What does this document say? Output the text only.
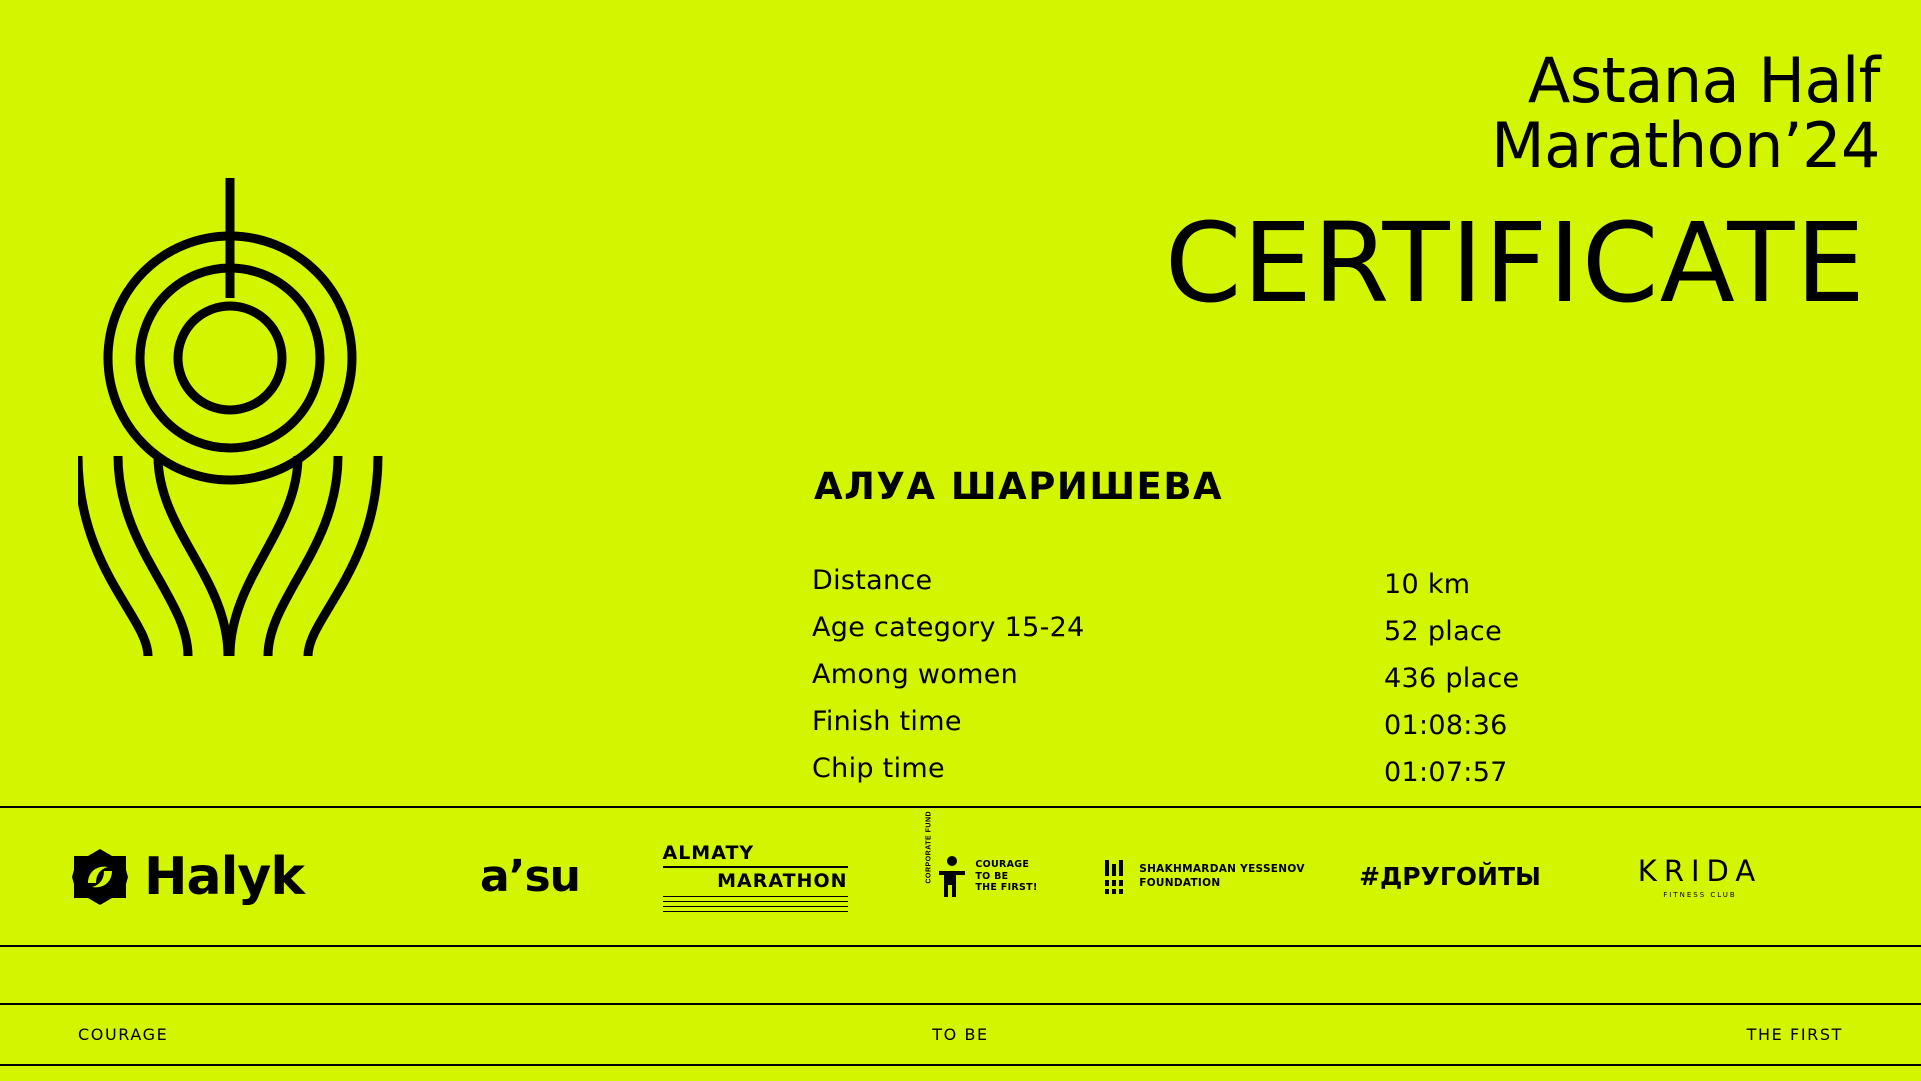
Astana Half
Marathon’24
CERTIFICATE
АЛУА ШАРИШЕВА
Distance	10 km
Age category 15-24	52 place
Among women	436 place
Finish time	01:08:36
Chip time	01:07:57
Halyk	aʼsu	ALMATY
MARATHON	CORPORATE FUND	COURAGE
TO BE
THE FIRST!
SHAKHMARDAN YESSENOV
FOUNDATION	#ДРУГОЙТЫ	KRIDA
FITNESS CLUB
COURAGE	TO BE	THE FIRST
